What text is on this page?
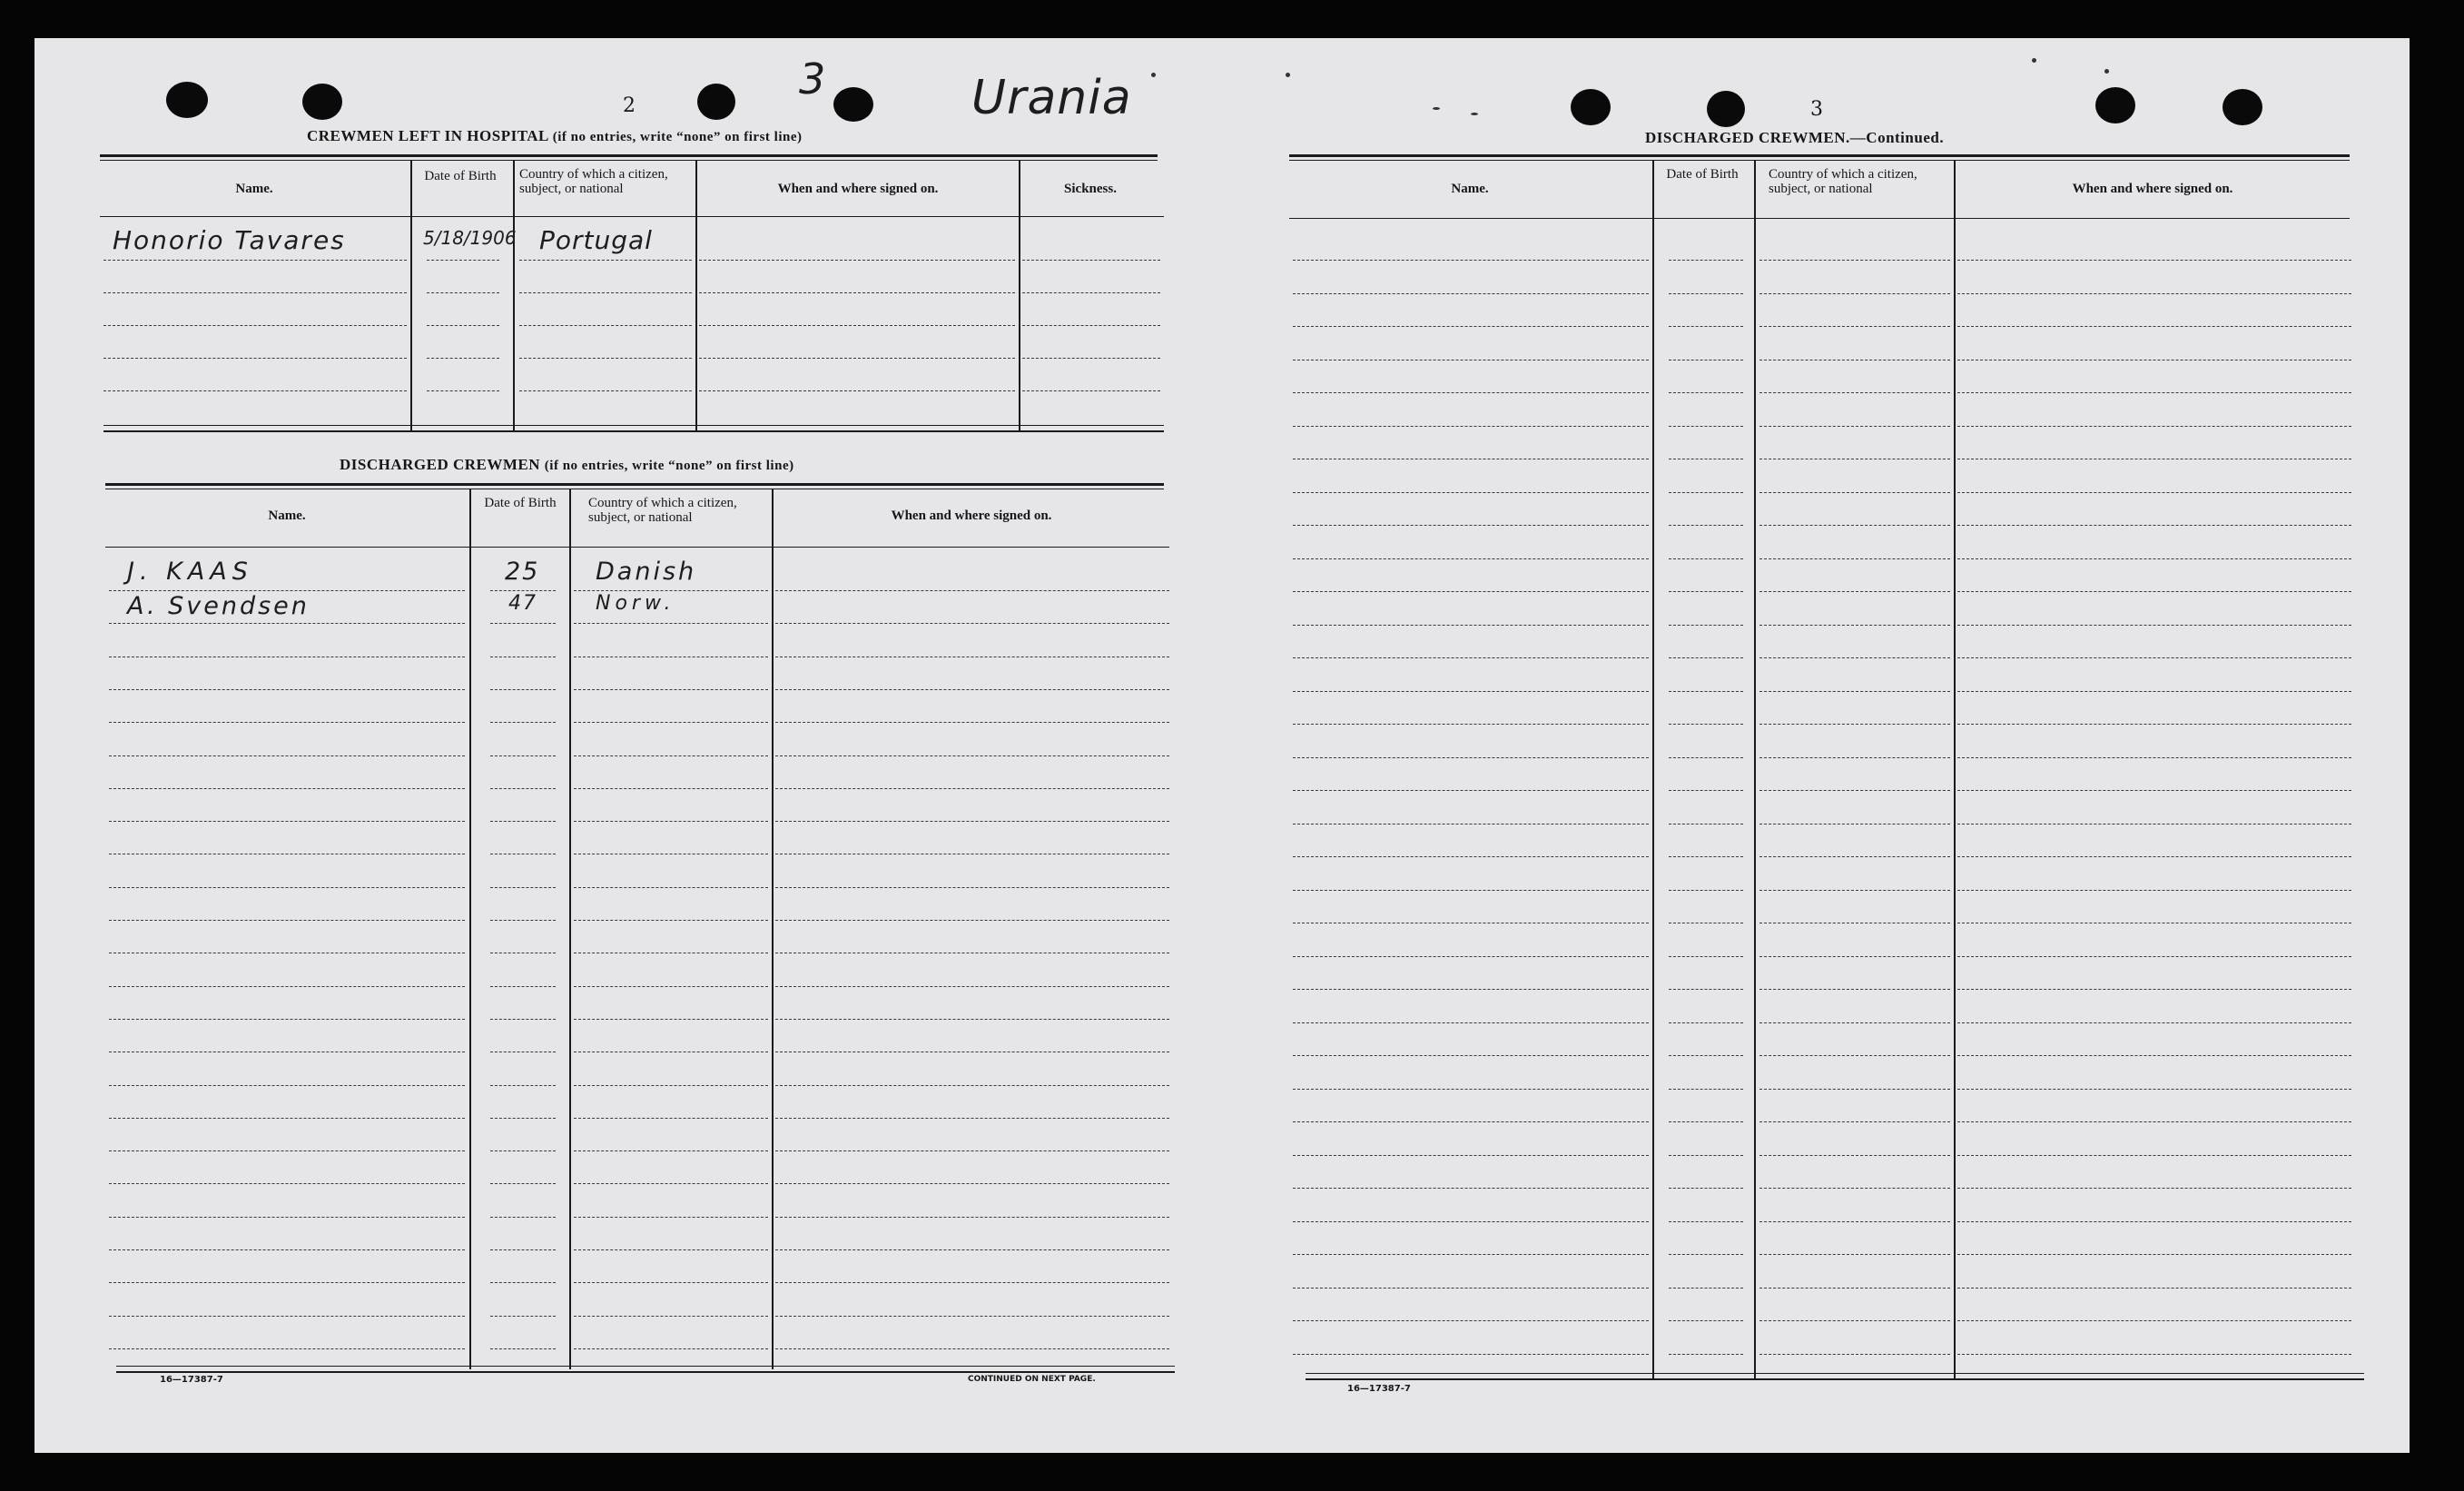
3	Urania
2
CREWMEN LEFT IN HOSPITAL (if no entries, write “none” on first line)
Name.
Date of Birth	Country of which a citizen, subject, or national	When and where signed on.	Sickness.
Honorio Tavares	5/18/1906 Portugal
DISCHARGED CREWMEN (if no entries, write “none” on first line)
Name.
Date of Birth	Country of which a citizen, subject, or national	When and where signed on.
J. KAAS	25 Danish
A. Svendsen	47	Norw.
16—17387-7	CONTINUED ON NEXT PAGE.
3
DISCHARGED CREWMEN.—Continued.
Name.
Date of Birth	Country of which a citizen, subject, or national	When and where signed on.
16—17387-7
